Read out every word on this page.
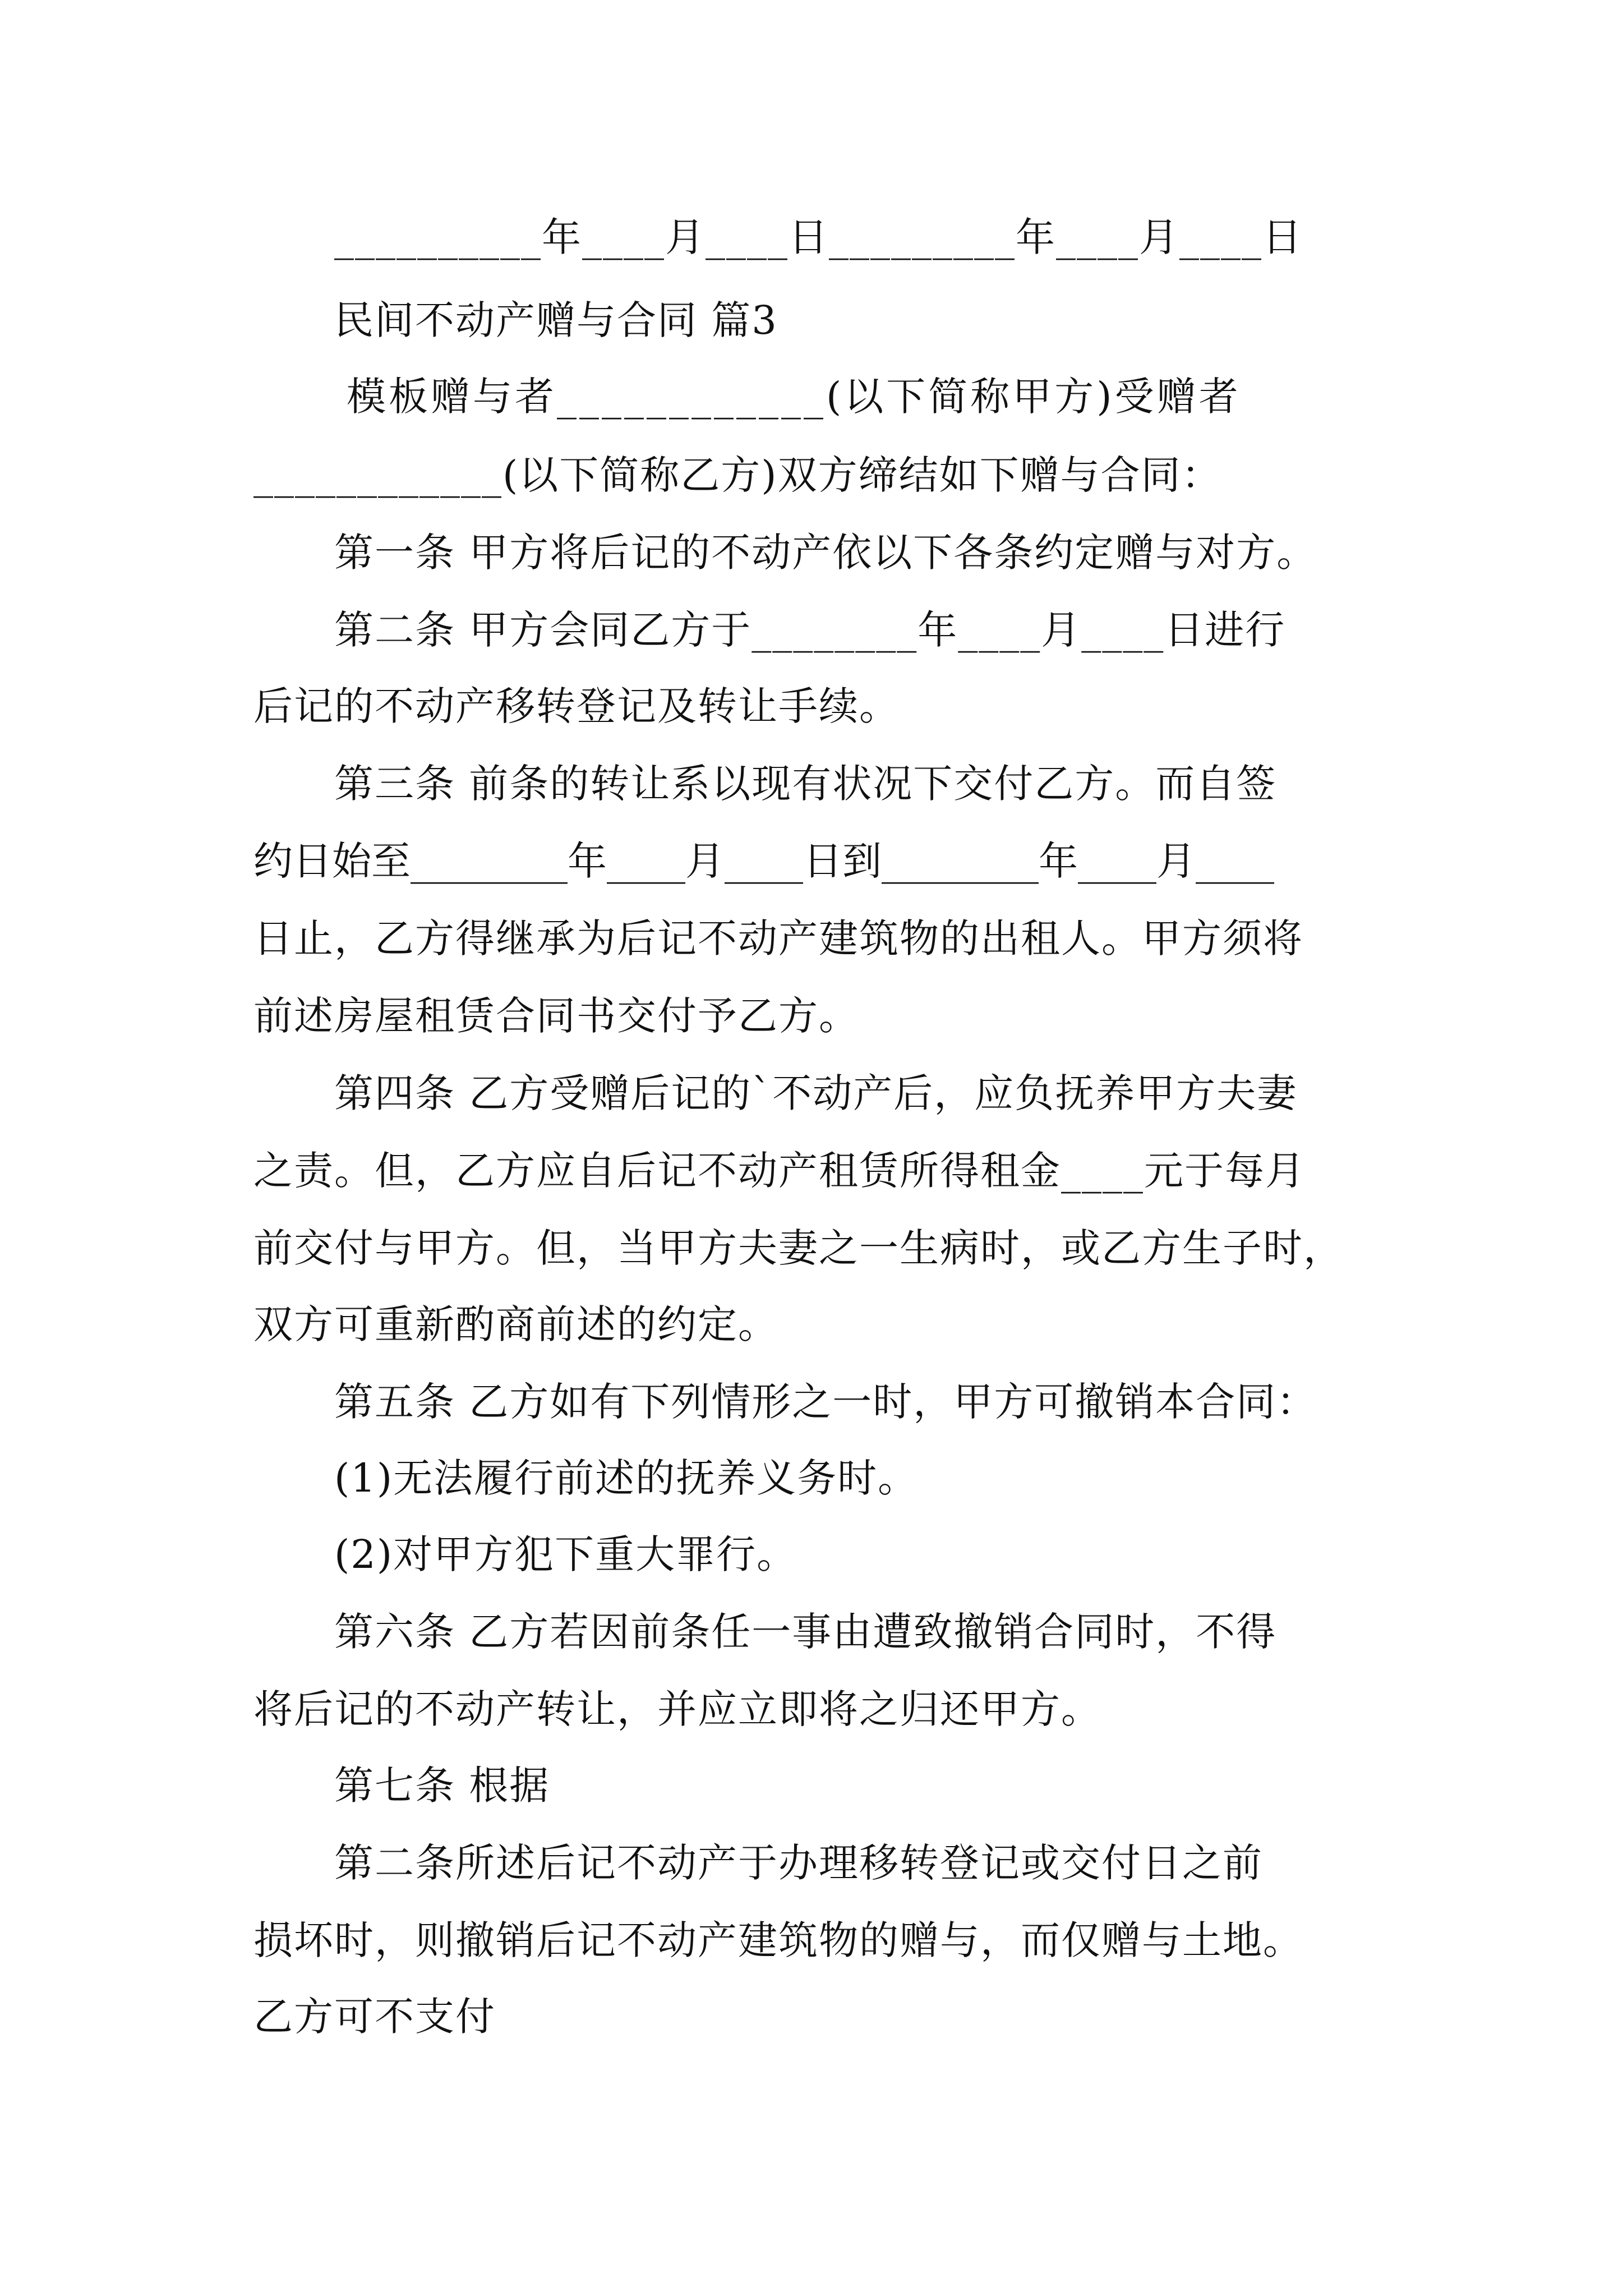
__________年____月____日_________年____月____日
民间不动产赠与合同 篇3
模板赠与者____________(以下简称甲方)受赠者
____________(以下简称乙方)双方缔结如下赠与合同：
第一条 甲方将后记的不动产依以下各条约定赠与对方。
第二条 甲方会同乙方于________年____月____日进行
后记的不动产移转登记及转让手续。
第三条 前条的转让系以现有状况下交付乙方。而自签
约日始至________年____月____日到________年____月____
日止，乙方得继承为后记不动产建筑物的出租人。甲方须将
前述房屋租赁合同书交付予乙方。
第四条 乙方受赠后记的`不动产后，应负抚养甲方夫妻
之责。但，乙方应自后记不动产租赁所得租金____元于每月
前交付与甲方。但，当甲方夫妻之一生病时，或乙方生子时，
双方可重新酌商前述的约定。
第五条 乙方如有下列情形之一时，甲方可撤销本合同：
(1)无法履行前述的抚养义务时。
(2)对甲方犯下重大罪行。
第六条 乙方若因前条任一事由遭致撤销合同时，不得
将后记的不动产转让，并应立即将之归还甲方。
第七条 根据
第二条所述后记不动产于办理移转登记或交付日之前
损坏时，则撤销后记不动产建筑物的赠与，而仅赠与土地。
乙方可不支付
